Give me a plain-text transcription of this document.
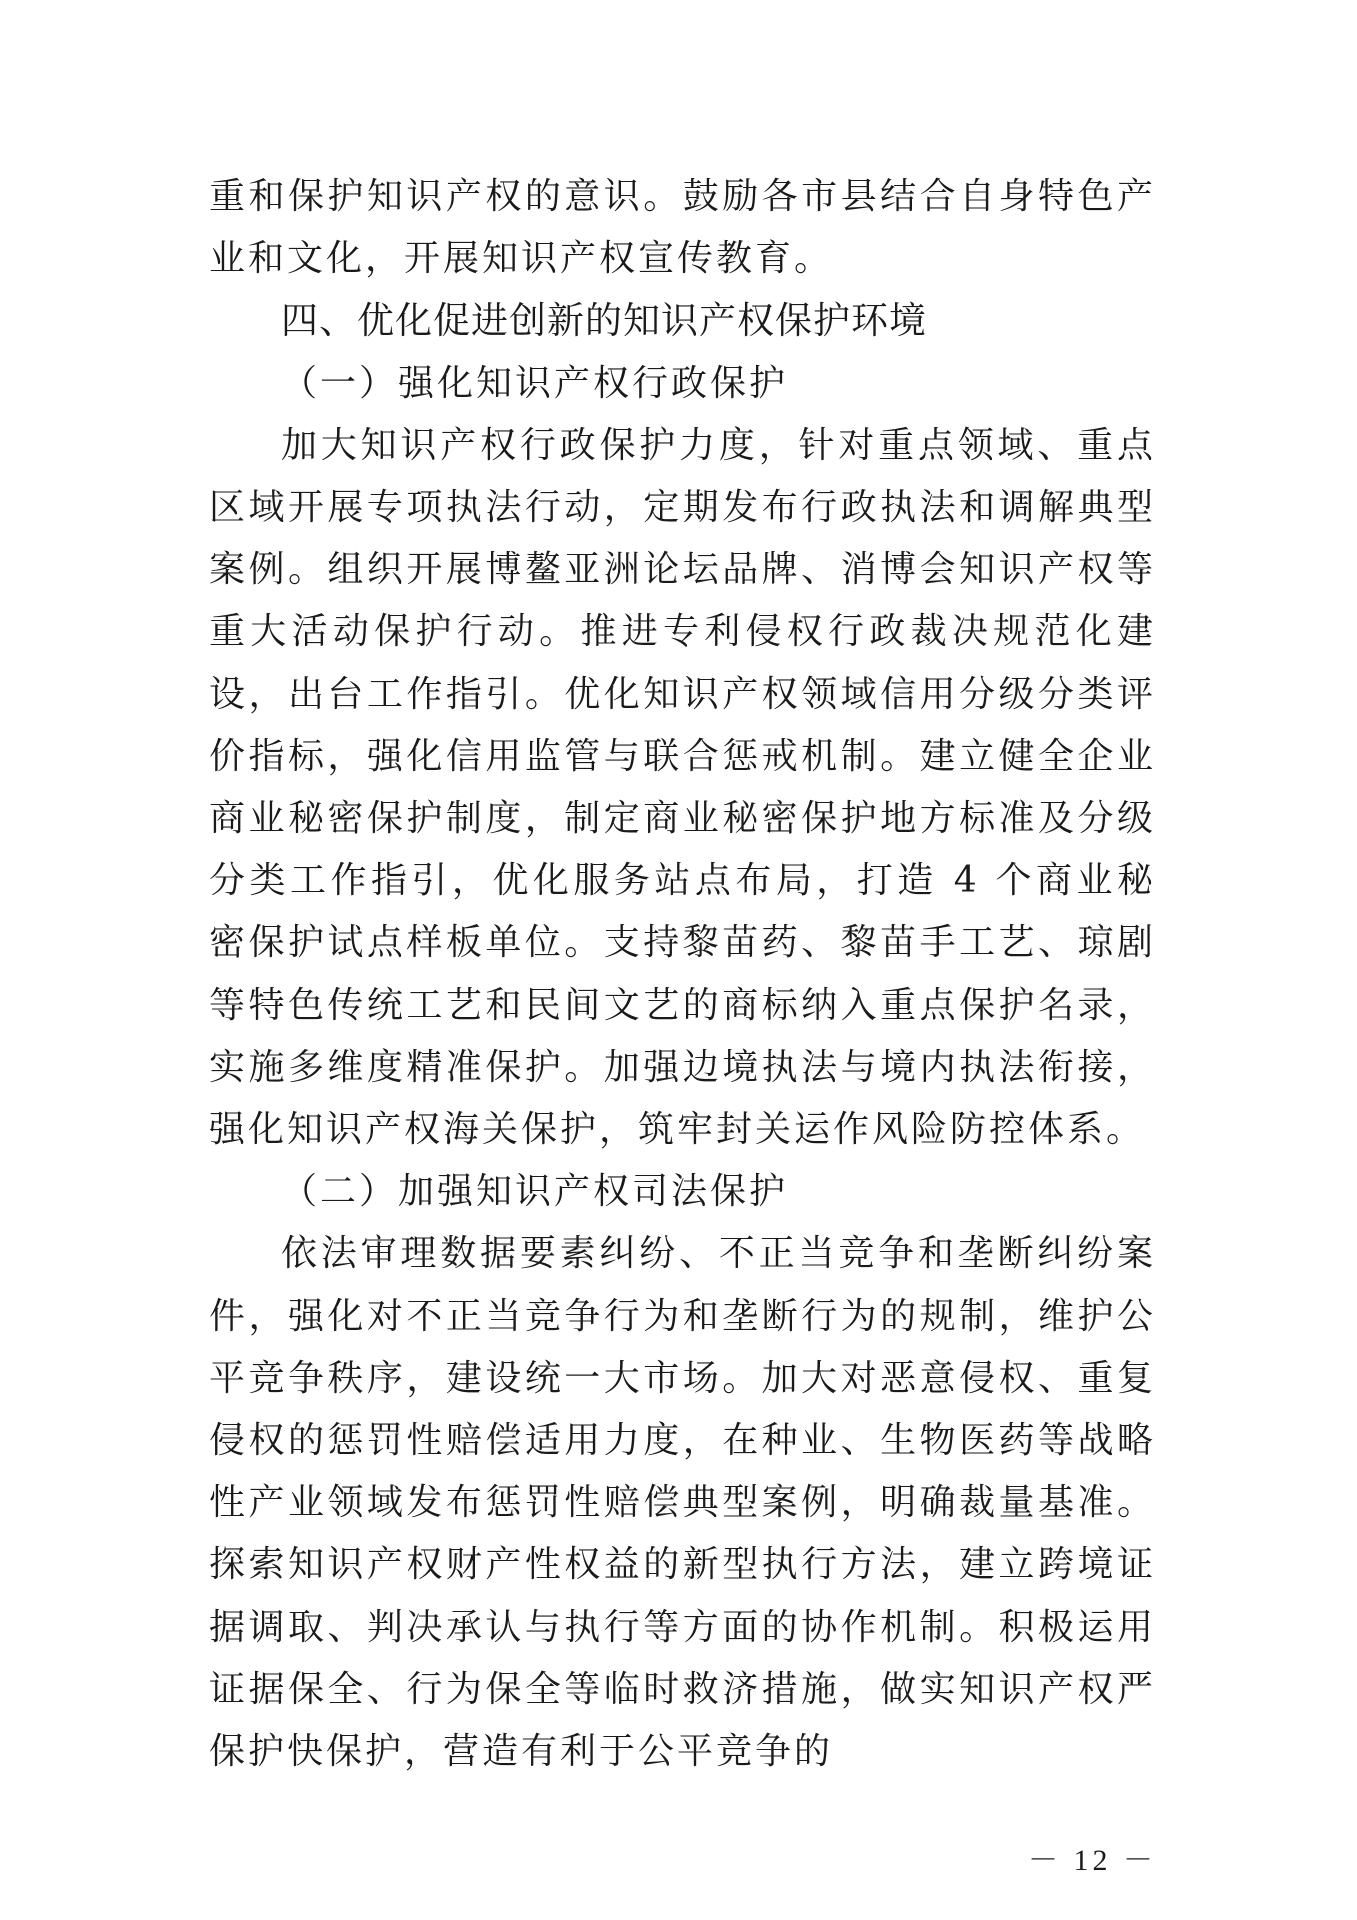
重和保护知识产权的意识。鼓励各市县结合自身特色产业和文化，开展知识产权宣传教育。

四、优化促进创新的知识产权保护环境

（一）强化知识产权行政保护

加大知识产权行政保护力度，针对重点领域、重点区域开展专项执法行动，定期发布行政执法和调解典型案例。组织开展博鳌亚洲论坛品牌、消博会知识产权等重大活动保护行动。推进专利侵权行政裁决规范化建设，出台工作指引。优化知识产权领域信用分级分类评价指标，强化信用监管与联合惩戒机制。建立健全企业商业秘密保护制度，制定商业秘密保护地方标准及分级分类工作指引，优化服务站点布局，打造 4 个商业秘密保护试点样板单位。支持黎苗药、黎苗手工艺、琼剧等特色传统工艺和民间文艺的商标纳入重点保护名录，实施多维度精准保护。加强边境执法与境内执法衔接，强化知识产权海关保护，筑牢封关运作风险防控体系。

（二）加强知识产权司法保护

依法审理数据要素纠纷、不正当竞争和垄断纠纷案件，强化对不正当竞争行为和垄断行为的规制，维护公平竞争秩序，建设统一大市场。加大对恶意侵权、重复侵权的惩罚性赔偿适用力度，在种业、生物医药等战略性产业领域发布惩罚性赔偿典型案例，明确裁量基准。探索知识产权财产性权益的新型执行方法，建立跨境证据调取、判决承认与执行等方面的协作机制。积极运用证据保全、行为保全等临时救济措施，做实知识产权严保护快保护，营造有利于公平竞争的

－ 12 －
